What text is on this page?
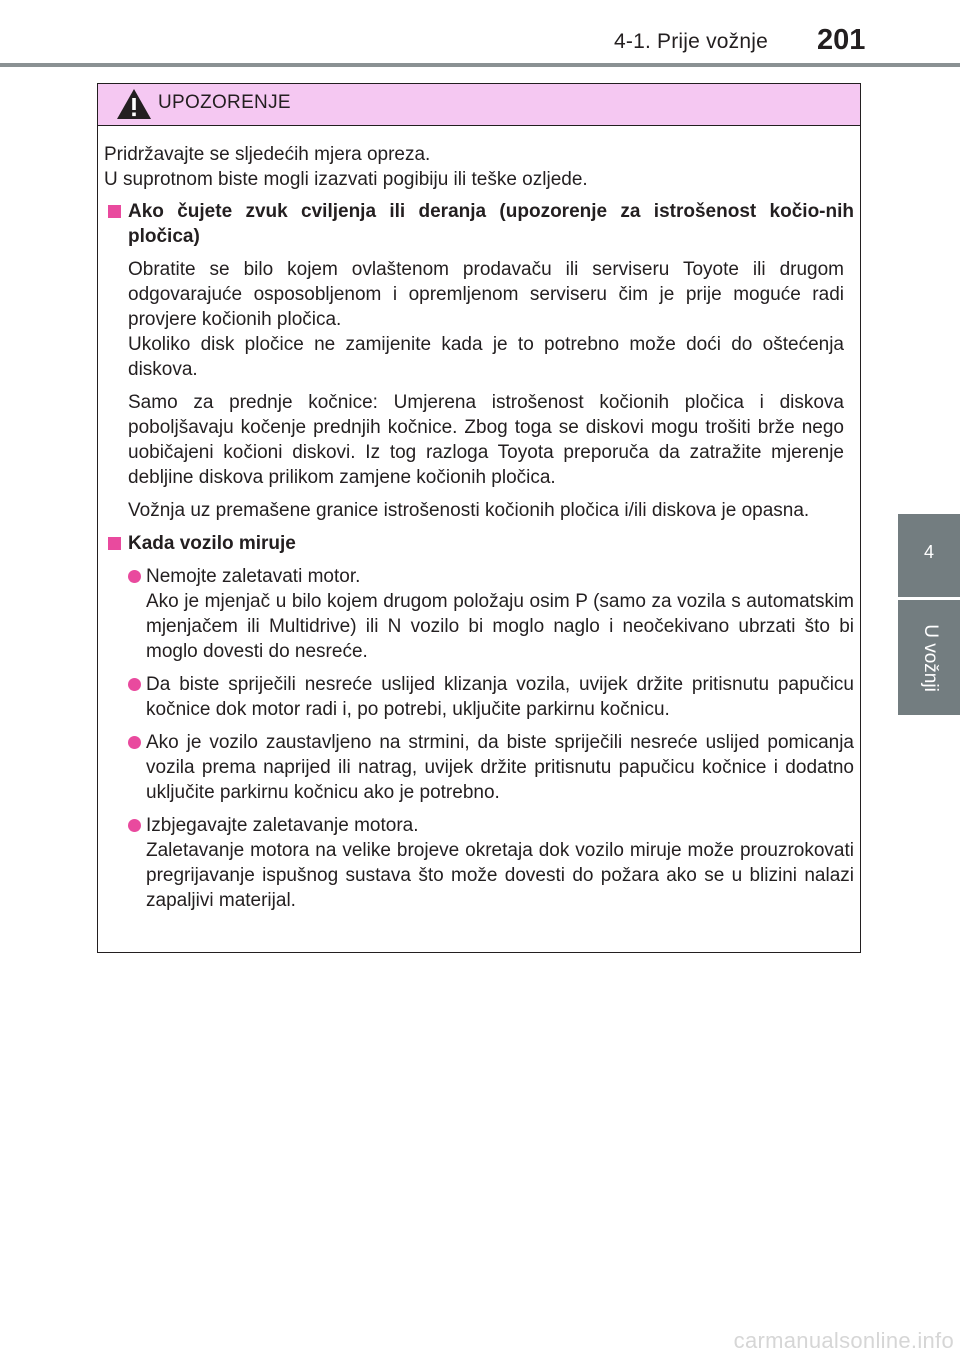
4-1. Prije vožnje 201
4
U vožnji
UPOZORENJE

Pridržavajte se sljedećih mjera opreza.
U suprotnom biste mogli izazvati pogibiju ili teške ozljede.

Ako čujete zvuk cviljenja ili deranja (upozorenje za istrošenost kočio-nih pločica)

Obratite se bilo kojem ovlaštenom prodavaču ili serviseru Toyote ili drugom odgovarajuće osposobljenom i opremljenom serviseru čim je prije moguće radi provjere kočionih pločica.
Ukoliko disk pločice ne zamijenite kada je to potrebno može doći do oštećenja diskova.

Samo za prednje kočnice: Umjerena istrošenost kočionih pločica i diskova poboljšavaju kočenje prednjih kočnice. Zbog toga se diskovi mogu trošiti brže nego uobičajeni kočioni diskovi. Iz tog razloga Toyota preporuča da zatražite mjerenje debljine diskova prilikom zamjene kočionih pločica.

Vožnja uz premašene granice istrošenosti kočionih pločica i/ili diskova je opasna.

Kada vozilo miruje
Nemojte zaletavati motor.
Ako je mjenjač u bilo kojem drugom položaju osim P (samo za vozila s automatskim mjenjačem ili Multidrive) ili N vozilo bi moglo naglo i neočekivano ubrzati što bi moglo dovesti do nesreće.
Da biste spriječili nesreće uslijed klizanja vozila, uvijek držite pritisnutu papučicu kočnice dok motor radi i, po potrebi, uključite parkirnu kočnicu.
Ako je vozilo zaustavljeno na strmini, da biste spriječili nesreće uslijed pomicanja vozila prema naprijed ili natrag, uvijek držite pritisnutu papučicu kočnice i dodatno uključite parkirnu kočnicu ako je potrebno.
Izbjegavajte zaletavanje motora.
Zaletavanje motora na velike brojeve okretaja dok vozilo miruje može prouzrokovati pregrijavanje ispušnog sustava što može dovesti do požara ako se u blizini nalazi zapaljivi materijal.
carmanualsonline.info
